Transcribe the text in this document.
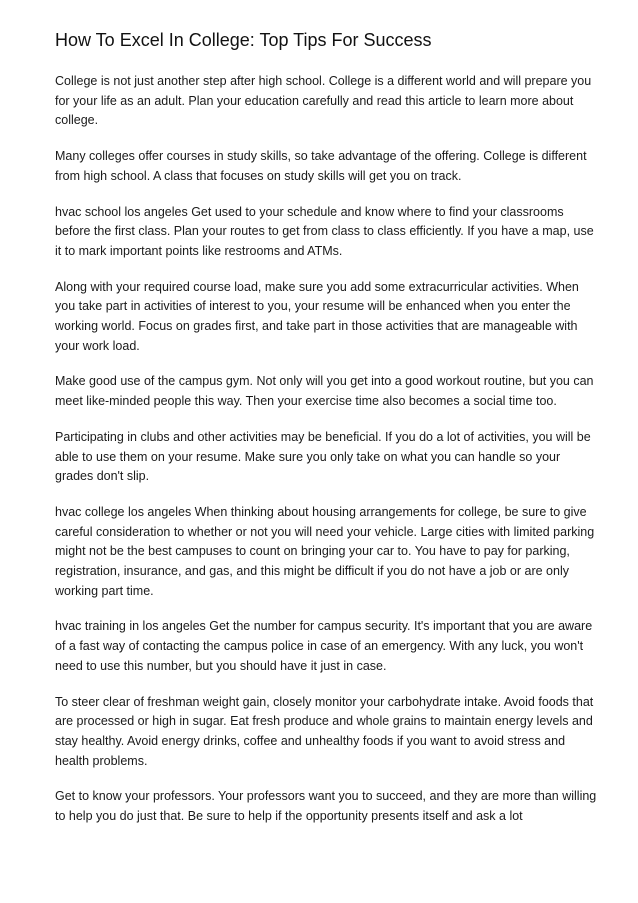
How To Excel In College: Top Tips For Success

College is not just another step after high school. College is a different world and will prepare you for your life as an adult. Plan your education carefully and read this article to learn more about college.

Many colleges offer courses in study skills, so take advantage of the offering. College is different from high school. A class that focuses on study skills will get you on track.

hvac school los angeles Get used to your schedule and know where to find your classrooms before the first class. Plan your routes to get from class to class efficiently. If you have a map, use it to mark important points like restrooms and ATMs.

Along with your required course load, make sure you add some extracurricular activities. When you take part in activities of interest to you, your resume will be enhanced when you enter the working world. Focus on grades first, and take part in those activities that are manageable with your work load.

Make good use of the campus gym. Not only will you get into a good workout routine, but you can meet like-minded people this way. Then your exercise time also becomes a social time too.

Participating in clubs and other activities may be beneficial. If you do a lot of activities, you will be able to use them on your resume. Make sure you only take on what you can handle so your grades don't slip.

hvac college los angeles When thinking about housing arrangements for college, be sure to give careful consideration to whether or not you will need your vehicle. Large cities with limited parking might not be the best campuses to count on bringing your car to. You have to pay for parking, registration, insurance, and gas, and this might be difficult if you do not have a job or are only working part time.

hvac training in los angeles Get the number for campus security. It's important that you are aware of a fast way of contacting the campus police in case of an emergency. With any luck, you won't need to use this number, but you should have it just in case.

To steer clear of freshman weight gain, closely monitor your carbohydrate intake. Avoid foods that are processed or high in sugar. Eat fresh produce and whole grains to maintain energy levels and stay healthy. Avoid energy drinks, coffee and unhealthy foods if you want to avoid stress and health problems.

Get to know your professors. Your professors want you to succeed, and they are more than willing to help you do just that. Be sure to help if the opportunity presents itself and ask a lot
